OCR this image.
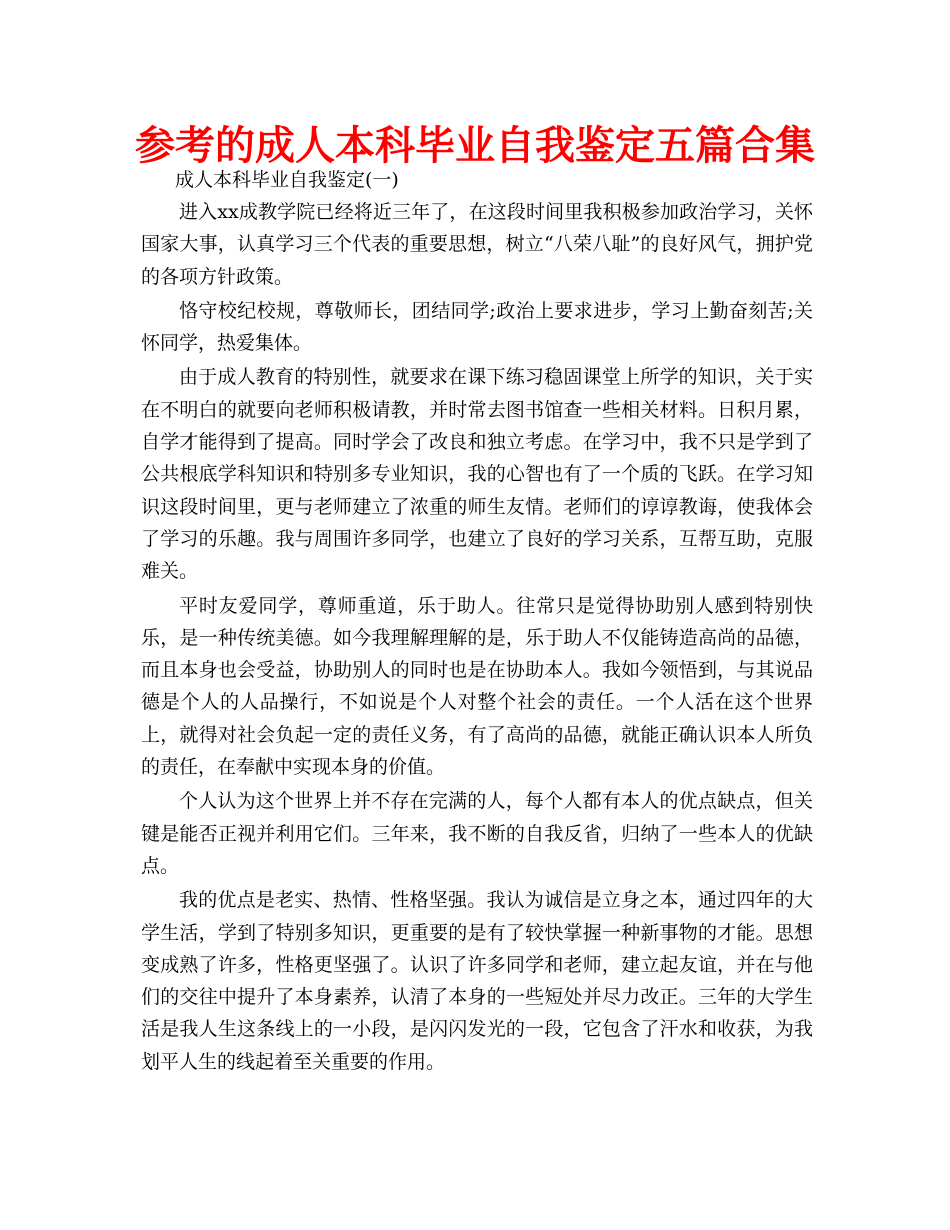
参考的成人本科毕业自我鉴定五篇合集
成人本科毕业自我鉴定(一)

进入xx成教学院已经将近三年了，在这段时间里我积极参加政治学习，关怀国家大事，认真学习三个代表的重要思想，树立“八荣八耻”的良好风气，拥护党的各项方针政策。

恪守校纪校规，尊敬师长，团结同学;政治上要求进步，学习上勤奋刻苦;关怀同学，热爱集体。

由于成人教育的特别性，就要求在课下练习稳固课堂上所学的知识，关于实在不明白的就要向老师积极请教，并时常去图书馆查一些相关材料。日积月累，自学才能得到了提高。同时学会了改良和独立考虑。在学习中，我不只是学到了公共根底学科知识和特别多专业知识，我的心智也有了一个质的飞跃。在学习知识这段时间里，更与老师建立了浓重的师生友情。老师们的谆谆教诲，使我体会了学习的乐趣。我与周围许多同学，也建立了良好的学习关系，互帮互助，克服难关。

平时友爱同学，尊师重道，乐于助人。往常只是觉得协助别人感到特别快乐，是一种传统美德。如今我理解理解的是，乐于助人不仅能铸造高尚的品德，而且本身也会受益，协助别人的同时也是在协助本人。我如今领悟到，与其说品德是个人的人品操行，不如说是个人对整个社会的责任。一个人活在这个世界上，就得对社会负起一定的责任义务，有了高尚的品德，就能正确认识本人所负的责任，在奉献中实现本身的价值。

个人认为这个世界上并不存在完满的人，每个人都有本人的优点缺点，但关键是能否正视并利用它们。三年来，我不断的自我反省，归纳了一些本人的优缺点。

我的优点是老实、热情、性格坚强。我认为诚信是立身之本，通过四年的大学生活，学到了特别多知识，更重要的是有了较快掌握一种新事物的才能。思想变成熟了许多，性格更坚强了。认识了许多同学和老师，建立起友谊，并在与他们的交往中提升了本身素养，认清了本身的一些短处并尽力改正。三年的大学生活是我人生这条线上的一小段，是闪闪发光的一段，它包含了汗水和收获，为我划平人生的线起着至关重要的作用。
